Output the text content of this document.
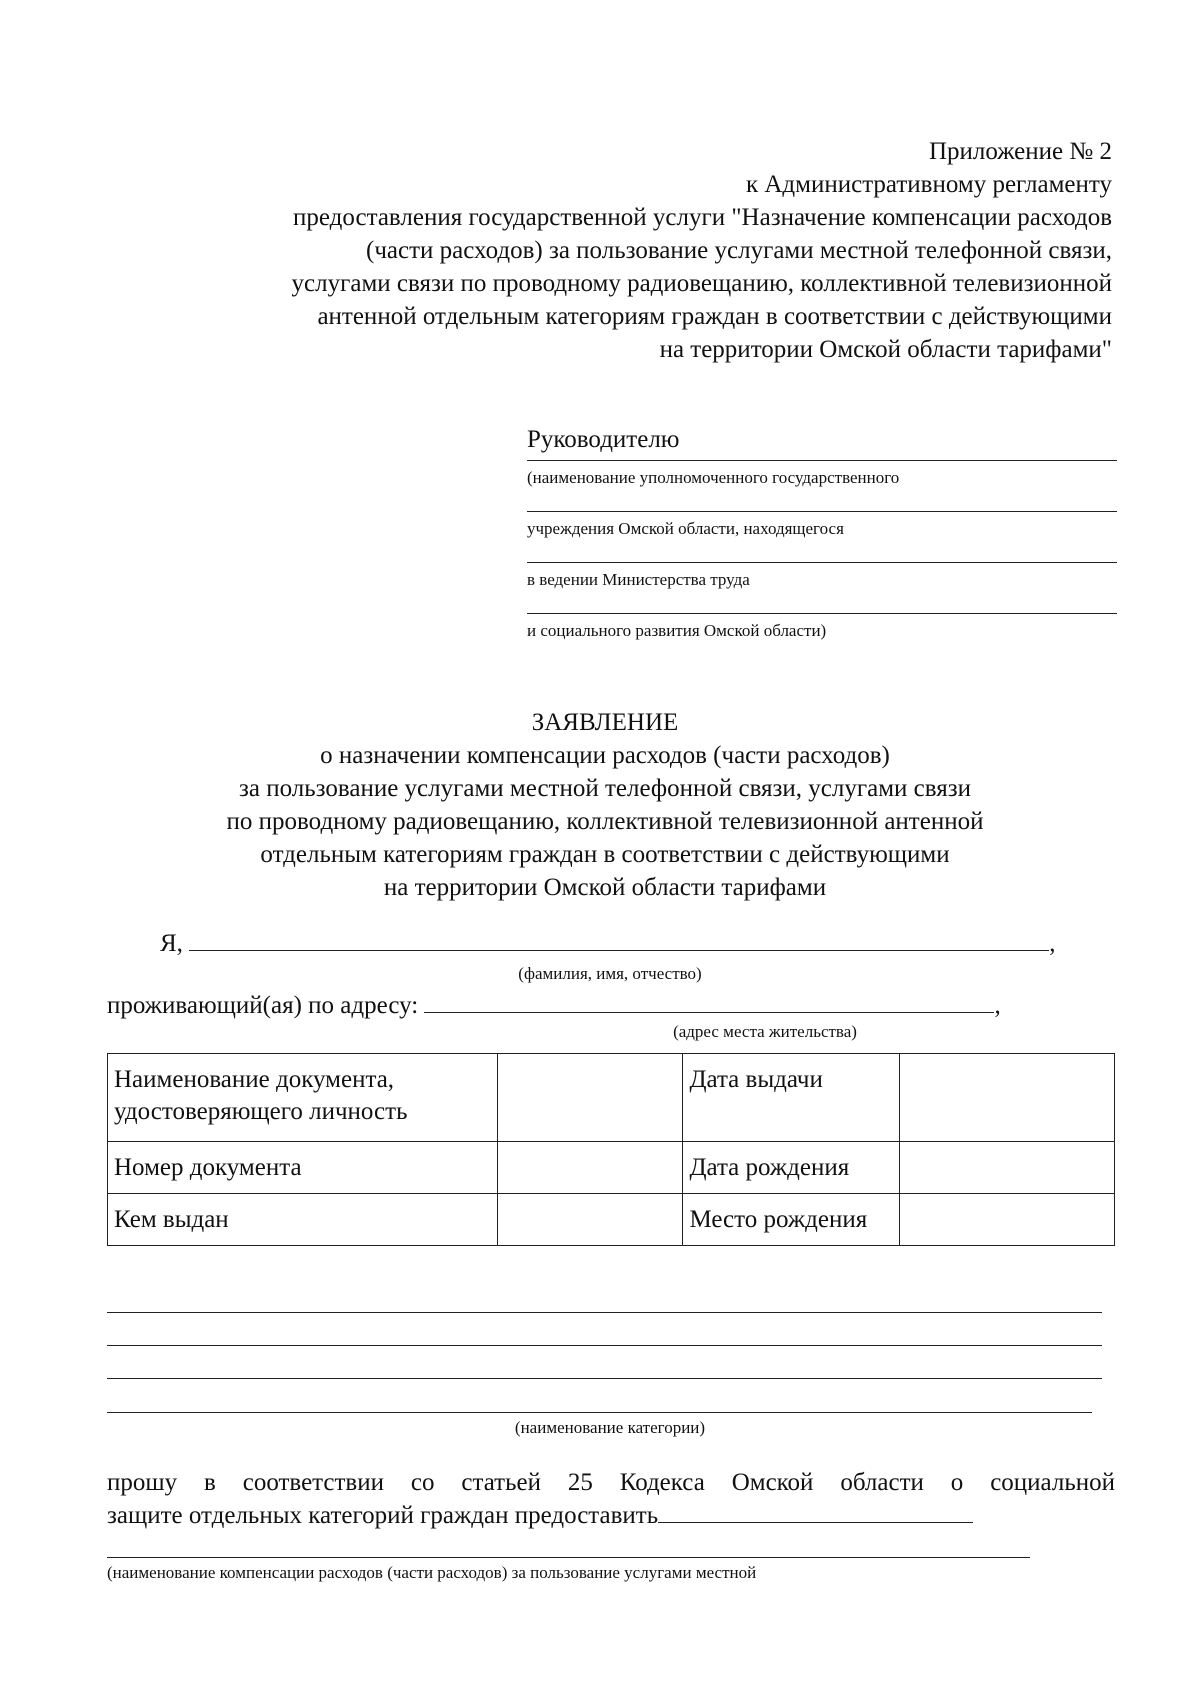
Приложение № 2
к Административному регламенту
предоставления государственной услуги "Назначение компенсации расходов
(части расходов) за пользование услугами местной телефонной связи,
услугами связи по проводному радиовещанию, коллективной телевизионной
антенной отдельным категориям граждан в соответствии с действующими
на территории Омской области тарифами"
Руководителю
(наименование уполномоченного государственного
учреждения Омской области, находящегося
в ведении Министерства труда
и социального развития Омской области)
ЗАЯВЛЕНИЕ
о назначении компенсации расходов (части расходов)
за пользование услугами местной телефонной связи, услугами связи
по проводному радиовещанию, коллективной телевизионной антенной
отдельным категориям граждан в соответствии с действующими
на территории Омской области тарифами
Я,	,
(фамилия, имя, отчество)
проживающий(ая) по адресу:	,
(адрес места жительства)
Наименование документа, удостоверяющего личность		Дата выдачи	
Номер документа		Дата рождения	
Кем выдан		Место рождения	
(наименование категории)
прошу в соответствии со статьей 25 Кодекса Омской области о социальной
защите отдельных категорий граждан предоставить
(наименование компенсации расходов (части расходов) за пользование услугами местной
